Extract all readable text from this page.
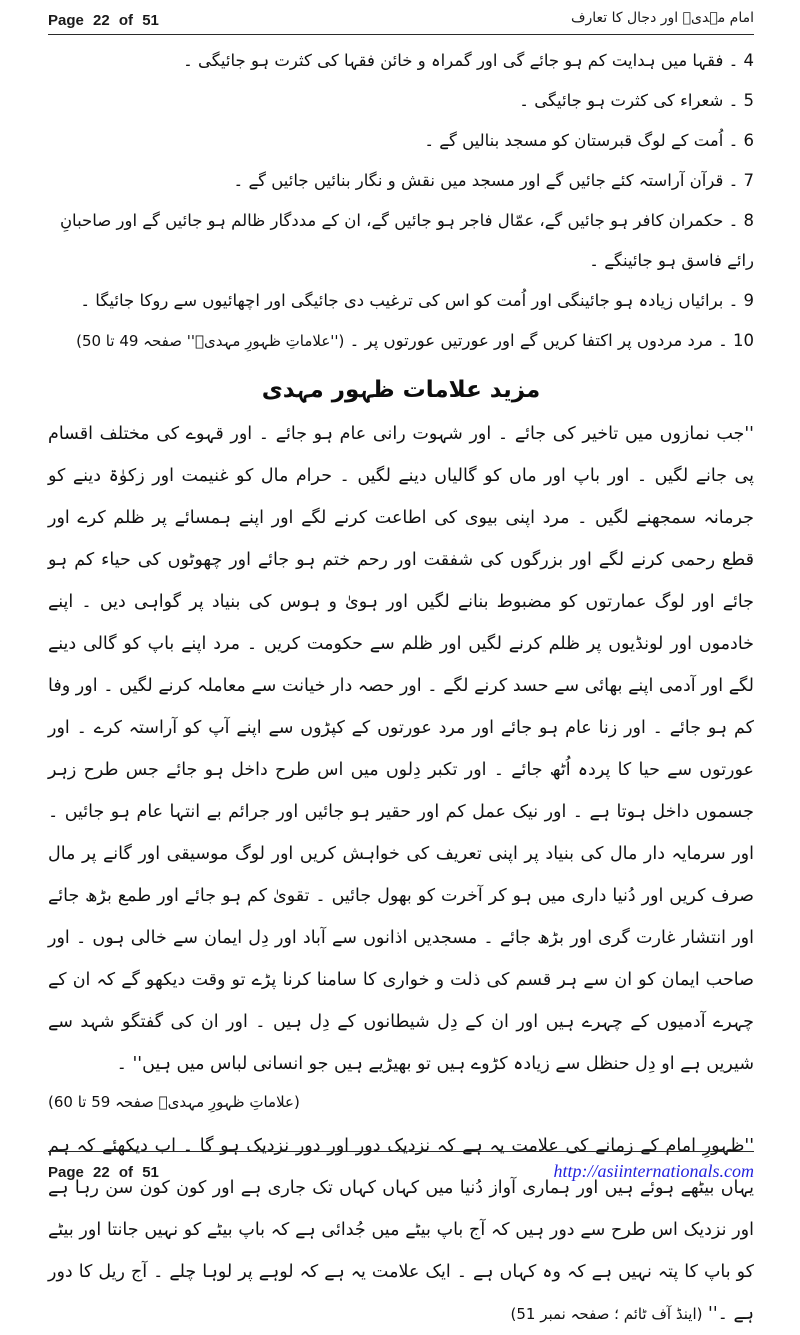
Page 22 of 51	امام مہدیؑ اور دجال کا تعارف
4 ۔ فقہا میں ہدایت کم ہو جائے گی اور گمراہ و خائن فقہا کی کثرت ہو جائیگی ۔
5 ۔ شعراء کی کثرت ہو جائیگی ۔
6 ۔ اُمت کے لوگ قبرستان کو مسجد بنالیں گے ۔
7 ۔ قرآن آراستہ کئے جائیں گے اور مسجد میں نقش و نگار بنائیں جائیں گے ۔
8 ۔ حکمران کافر ہو جائیں گے، عمّال فاجر ہو جائیں گے، ان کے مددگار ظالم ہو جائیں گے اور صاحبانِ رائے فاسق ہو جائینگے ۔
9 ۔ برائیاں زیادہ ہو جائینگی اور اُمت کو اس کی ترغیب دی جائیگی اور اچھائیوں سے روکا جائیگا ۔
10 ۔ مرد مردوں پر اکتفا کریں گے اور عورتیں عورتوں پر ۔ (''علاماتِ ظہورِ مہدیؑ'' صفحہ 49 تا 50)
مزید علامات ظہور مہدی

''جب نمازوں میں تاخیر کی جائے ۔ اور شہوت رانی عام ہو جائے ۔ اور قہوے کی مختلف اقسام پی جانے لگیں ۔ اور باپ اور ماں کو گالیاں دینے لگیں ۔ حرام مال کو غنیمت اور زکوٰۃ دینے کو جرمانہ سمجھنے لگیں ۔ مرد اپنی بیوی کی اطاعت کرنے لگے اور اپنے ہمسائے پر ظلم کرے اور قطع رحمی کرنے لگے اور بزرگوں کی شفقت اور رحم ختم ہو جائے اور چھوٹوں کی حیاء کم ہو جائے اور لوگ عمارتوں کو مضبوط بنانے لگیں اور ہویٰ و ہوس کی بنیاد پر گواہی دیں ۔ اپنے خادموں اور لونڈیوں پر ظلم کرنے لگیں اور ظلم سے حکومت کریں ۔ مرد اپنے باپ کو گالی دینے لگے اور آدمی اپنے بھائی سے حسد کرنے لگے ۔ اور حصہ دار خیانت سے معاملہ کرنے لگیں ۔ اور وفا کم ہو جائے ۔ اور زنا عام ہو جائے اور مرد عورتوں کے کپڑوں سے اپنے آپ کو آراستہ کرے ۔ اور عورتوں سے حیا کا پردہ اُٹھ جائے ۔ اور تکبر دِلوں میں اس طرح داخل ہو جائے جس طرح زہر جسموں داخل ہوتا ہے ۔ اور نیک عمل کم اور حقیر ہو جائیں اور جرائم بے انتہا عام ہو جائیں ۔ اور سرمایہ دار مال کی بنیاد پر اپنی تعریف کی خواہش کریں اور لوگ موسیقی اور گانے پر مال صرف کریں اور دُنیا داری میں ہو کر آخرت کو بھول جائیں ۔ تقویٰ کم ہو جائے اور طمع بڑھ جائے اور انتشار غارت گری اور بڑھ جائے ۔ مسجدیں اذانوں سے آباد اور دِل ایمان سے خالی ہوں ۔ اور صاحب ایمان کو ان سے ہر قسم کی ذلت و خواری کا سامنا کرنا پڑے تو وقت دیکھو گے کہ ان کے چہرے آدمیوں کے چہرے ہیں اور ان کے دِل شیطانوں کے دِل ہیں ۔ اور ان کی گفتگو شہد سے شیریں ہے او دِل حنظل سے زیادہ کڑوے ہیں تو بھیڑیے ہیں جو انسانی لباس میں ہیں'' ۔

(علاماتِ ظہورِ مہدیؑ صفحہ 59 تا 60)

''ظہورِ امام کے زمانے کی علامت یہ ہے کہ نزدیک دور اور دور نزدیک ہو گا ۔ اب دیکھئے کہ ہم یہاں بیٹھے ہوئے ہیں اور ہماری آواز دُنیا میں کہاں کہاں تک جاری ہے اور کون کون سن رہا ہے اور نزدیک اس طرح سے دور ہیں کہ آج باپ بیٹے میں جُدائی ہے کہ باپ بیٹے کو نہیں جانتا اور بیٹے کو باپ کا پتہ نہیں ہے کہ وہ کہاں ہے ۔ ایک علامت یہ ہے کہ لوہے پر لوہا چلے ۔ آج ریل کا دور ہے ۔'' (اینڈ آف ٹائم ؛ صفحہ نمبر 51)

Page 22 of 51	http://asiinternationals.com
